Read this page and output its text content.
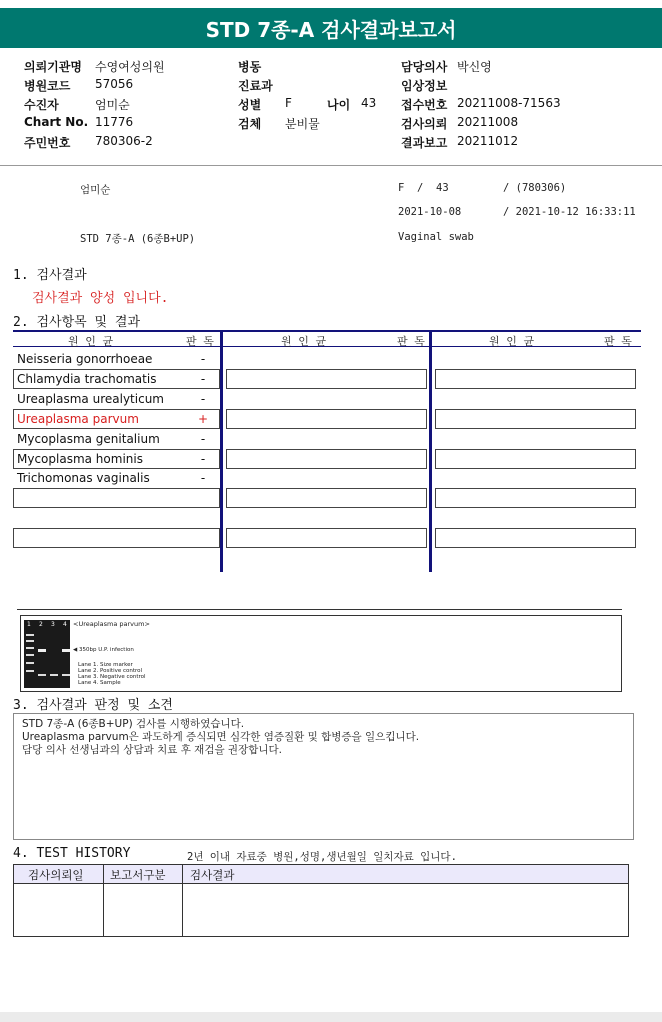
STD 7종-A 검사결과보고서
의뢰기관명 수영여성의원
병원코드 57056
수진자	엄미순
Chart No. 11776
주민번호 780306-2
병동
진료과
성별 F	나이 43
검체 분비물
담당의사 박신영
임상정보
접수번호 20211008-71563
검사의뢰 20211008
결과보고 20211012
엄미순	F / 43	/ (780306)
2021-10-08	/ 2021-10-12 16:33:11
STD 7종-A (6종B+UP)	Vaginal swab
1. 검사결과
검사결과 양성 입니다.
2. 검사항목 및 결과
원 인 균	판 독	원 인 균	판 독	원 인 균	판 독
Neisseria gonorrhoeae	-
Chlamydia trachomatis	-
Ureaplasma urealyticum	-
Ureaplasma parvum	+
Mycoplasma genitalium	-
Mycoplasma hominis	-
Trichomonas vaginalis	-
1 2 3 4 <Ureaplasma parvum>
◀ 350bp U.P. infection
Lane 1. Size marker
Lane 2. Positive control
Lane 3. Negative control
Lane 4. Sample
3. 검사결과 판정 및 소견
STD 7종-A (6종B+UP) 검사를 시행하였습니다.
Ureaplasma parvum은 과도하게 증식되면 심각한 염증질환 및 합병증을 일으킵니다.
담당 의사 선생님과의 상담과 치료 후 재검을 권장합니다.
4. TEST HISTORY	2년 이내 자료중 병원,성명,생년월일 일치자료 입니다.
검사의뢰일 보고서구분 검사결과
